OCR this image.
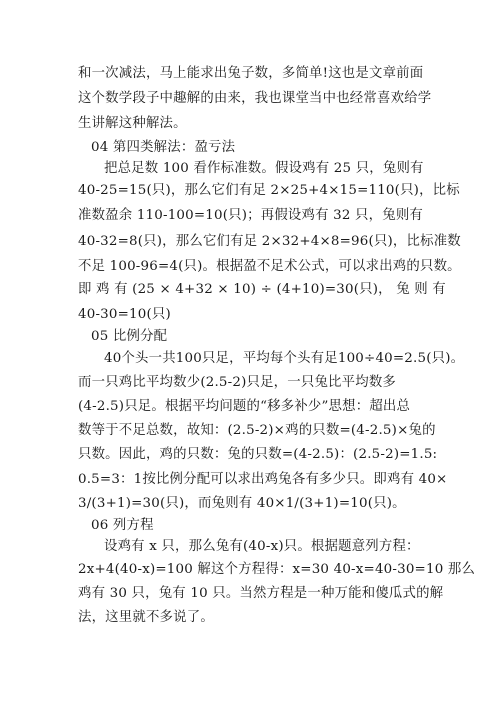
和一次减法，马上能求出兔子数，多简单!这也是文章前面
这个数学段子中趣解的由来，我也课堂当中也经常喜欢给学
生讲解这种解法。
04 第四类解法：盈亏法
把总足数 100 看作标准数。假设鸡有 25 只，兔则有
40-25=15(只)，那么它们有足 2×25+4×15=110(只)，比标
准数盈余 110-100=10(只)；再假设鸡有 32 只，兔则有
40-32=8(只)，那么它们有足 2×32+4×8=96(只)，比标准数
不足 100-96=4(只)。根据盈不足术公式，可以求出鸡的只数。
即 鸡 有 (25 × 4+32 × 10) ÷ (4+10)=30(只)， 兔 则 有
40-30=10(只)
05 比例分配
40个头一共100只足，平均每个头有足100÷40=2.5(只)。
而一只鸡比平均数少(2.5-2)只足，一只兔比平均数多
(4-2.5)只足。根据平均问题的“移多补少”思想：超出总
数等于不足总数，故知：(2.5-2)×鸡的只数=(4-2.5)×兔的
只数。因此，鸡的只数：兔的只数=(4-2.5)：(2.5-2)=1.5:
0.5=3：1按比例分配可以求出鸡兔各有多少只。即鸡有 40×
3/(3+1)=30(只)，而兔则有 40×1/(3+1)=10(只)。
06 列方程
设鸡有 x 只，那么兔有(40-x)只。根据题意列方程：
2x+4(40-x)=100 解这个方程得：x=30 40-x=40-30=10 那么
鸡有 30 只，兔有 10 只。当然方程是一种万能和傻瓜式的解
法，这里就不多说了。
